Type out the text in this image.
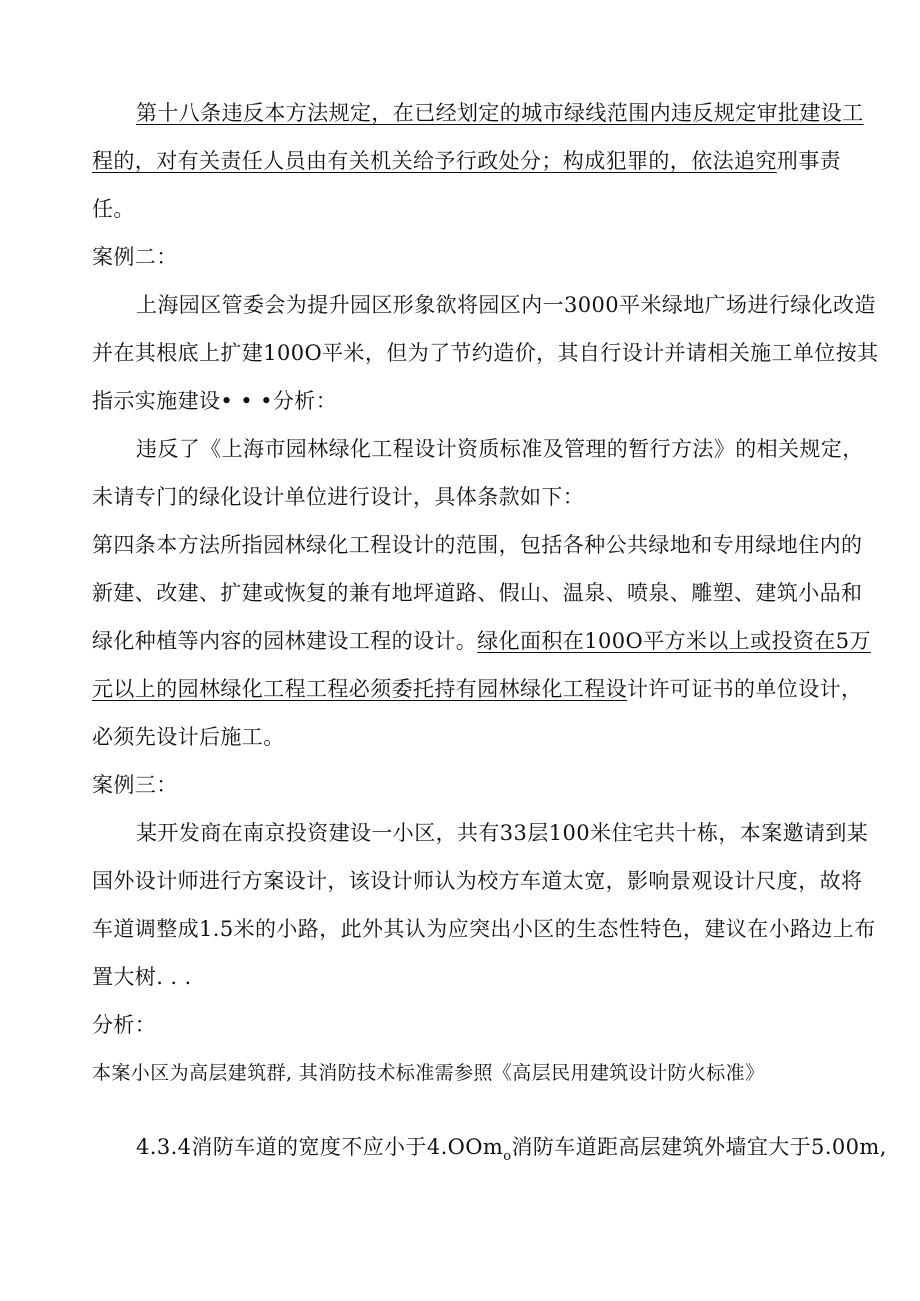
第十八条违反本方法规定，在已经划定的城市绿线范围内违反规定审批建设工
程的，对有关责任人员由有关机关给予行政处分；构成犯罪的，依法追究刑事责
任。
案例二：
上海园区管委会为提升园区形象欲将园区内一3000平米绿地广场进行绿化改造
并在其根底上扩建100O平米，但为了节约造价，其自行设计并请相关施工单位按其
指示实施建设• • •分析：
违反了《上海市园林绿化工程设计资质标准及管理的暂行方法》的相关规定，
未请专门的绿化设计单位进行设计，具体条款如下：
第四条本方法所指园林绿化工程设计的范围，包括各种公共绿地和专用绿地住内的
新建、改建、扩建或恢复的兼有地坪道路、假山、温泉、喷泉、雕塑、建筑小品和
绿化种植等内容的园林建设工程的设计。绿化面积在100O平方米以上或投资在5万
元以上的园林绿化工程工程必须委托持有园林绿化工程设计许可证书的单位设计，
必须先设计后施工。
案例三：
某开发商在南京投资建设一小区，共有33层100米住宅共十栋，本案邀请到某
国外设计师进行方案设计，该设计师认为校方车道太宽，影响景观设计尺度，故将
车道调整成1.5米的小路，此外其认为应突出小区的生态性特色，建议在小路边上布
置大树. . .
分析：
本案小区为高层建筑群, 其消防技术标准需参照《高层民用建筑设计防火标准》
4.3.4消防车道的宽度不应小于4.OOm$_o$消防车道距高层建筑外墙宜大于5.00m,
